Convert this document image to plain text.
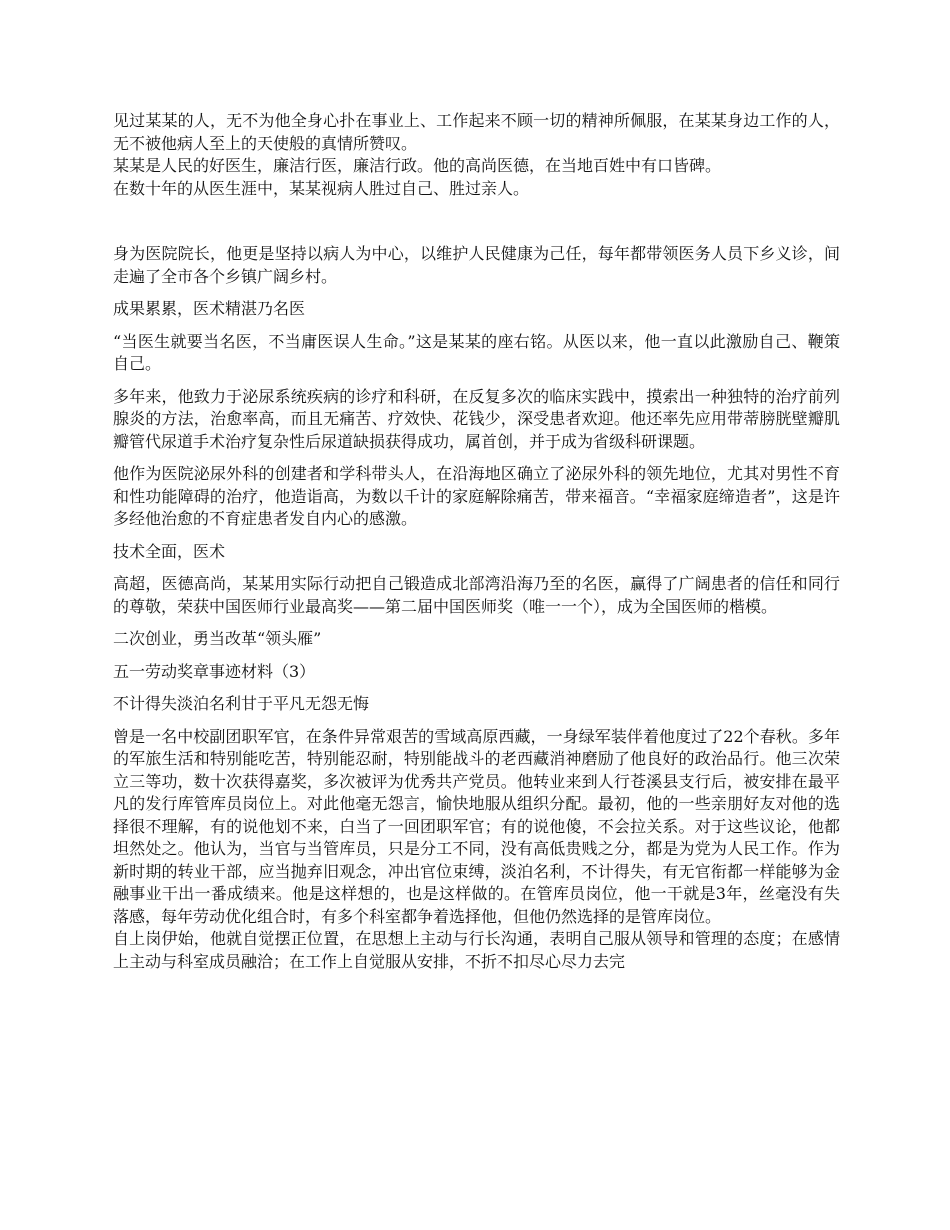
见过某某的人，无不为他全身心扑在事业上、工作起来不顾一切的精神所佩服，在某某身边工作的人，无不被他病人至上的天使般的真情所赞叹。

某某是人民的好医生，廉洁行医，廉洁行政。他的高尚医德，在当地百姓中有口皆碑。

在数十年的从医生涯中，某某视病人胜过自己、胜过亲人。

身为医院院长，他更是坚持以病人为中心，以维护人民健康为己任，每年都带领医务人员下乡义诊，间走遍了全市各个乡镇广阔乡村。

成果累累，医术精湛乃名医

“当医生就要当名医，不当庸医误人生命。”这是某某的座右铭。从医以来，他一直以此激励自己、鞭策自己。

多年来，他致力于泌尿系统疾病的诊疗和科研，在反复多次的临床实践中，摸索出一种独特的治疗前列腺炎的方法，治愈率高，而且无痛苦、疗效快、花钱少，深受患者欢迎。他还率先应用带蒂膀胱壁瓣肌瓣管代尿道手术治疗复杂性后尿道缺损获得成功，属首创，并于成为省级科研课题。

他作为医院泌尿外科的创建者和学科带头人，在沿海地区确立了泌尿外科的领先地位，尤其对男性不育和性功能障碍的治疗，他造诣高，为数以千计的家庭解除痛苦，带来福音。“幸福家庭缔造者”，这是许多经他治愈的不育症患者发自内心的感激。

技术全面，医术

高超，医德高尚，某某用实际行动把自己锻造成北部湾沿海乃至的名医，赢得了广阔患者的信任和同行的尊敬，荣获中国医师行业最高奖——第二届中国医师奖（唯一一个），成为全国医师的楷模。

二次创业，勇当改革“领头雁”

五一劳动奖章事迹材料（3）

不计得失淡泊名利甘于平凡无怨无悔

曾是一名中校副团职军官，在条件异常艰苦的雪域高原西藏，一身绿军装伴着他度过了22个春秋。多年的军旅生活和特别能吃苦，特别能忍耐，特别能战斗的老西藏消神磨励了他良好的政治品行。他三次荣立三等功，数十次获得嘉奖，多次被评为优秀共产党员。他转业来到人行苍溪县支行后，被安排在最平凡的发行库管库员岗位上。对此他毫无怨言，愉快地服从组织分配。最初，他的一些亲朋好友对他的选择很不理解，有的说他划不来，白当了一回团职军官；有的说他傻，不会拉关系。对于这些议论，他都坦然处之。他认为，当官与当管库员，只是分工不同，没有高低贵贱之分，都是为党为人民工作。作为新时期的转业干部，应当抛弃旧观念，冲出官位束缚，淡泊名利，不计得失，有无官衔都一样能够为金融事业干出一番成绩来。他是这样想的，也是这样做的。在管库员岗位，他一干就是3年，丝毫没有失落感，每年劳动优化组合时，有多个科室都争着选择他，但他仍然选择的是管库岗位。

自上岗伊始，他就自觉摆正位置，在思想上主动与行长沟通，表明自己服从领导和管理的态度；在感情上主动与科室成员融洽；在工作上自觉服从安排，不折不扣尽心尽力去完
